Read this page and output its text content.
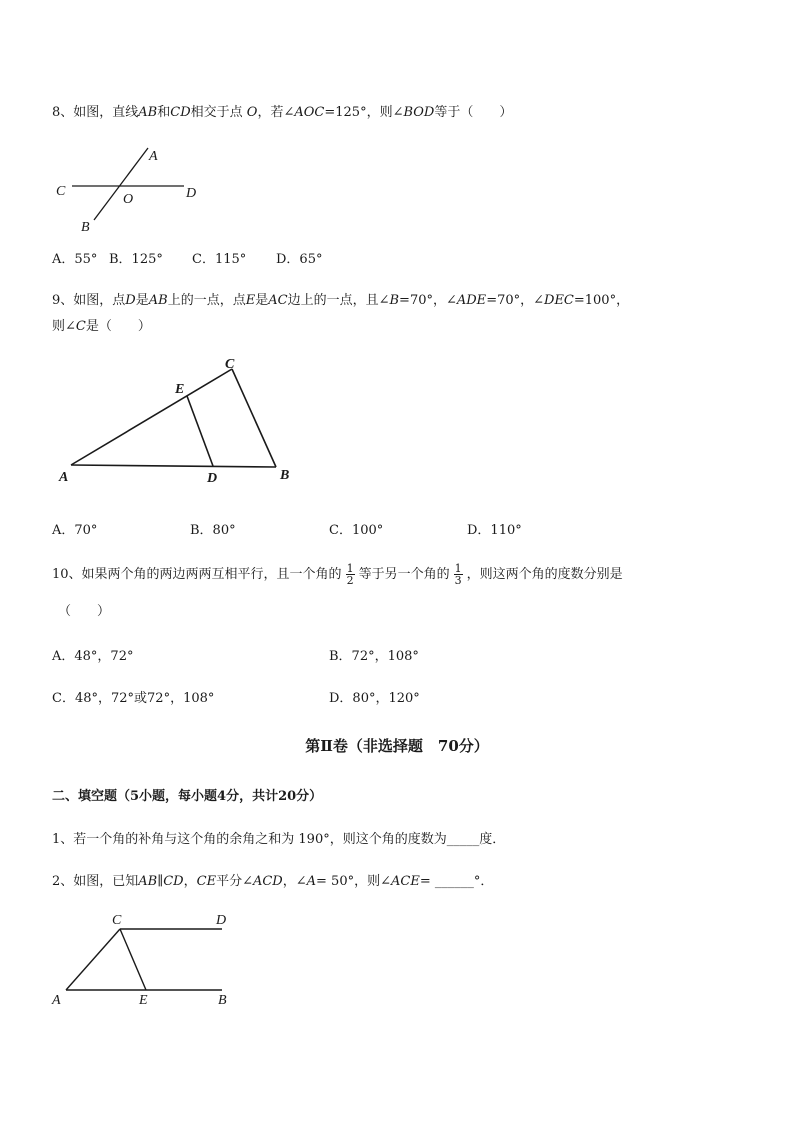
8、如图，直线AB和CD相交于点 O，若∠AOC=125°，则∠BOD等于（　　）
A
C
O	D
B
A．55° B．125° C．115° D．65°
9、如图，点D是AB上的一点，点E是AC边上的一点，且∠B=70°，∠ADE=70°，∠DEC=100°，
则∠C是（　　）
C
E
A	D	B
A．70°	B．80°	C．100°	D．110°
10、如果两个角的两边两两互相平行，且一个角的 $\frac{1}{2}$ 等于另一个角的 $\frac{1}{3}$ ，则这两个角的度数分别是
（　　）
A．48°，72°	B．72°，108°
C．48°，72°或72°，108°	D．80°，120°
第Ⅱ卷（非选择题　70分）
二、填空题（5小题，每小题4分，共计20分）
1、若一个角的补角与这个角的余角之和为 190°，则这个角的度数为_____度．
2、如图，已知AB∥CD，CE平分∠ACD，∠A= 50°，则∠ACE= ______°．
C	D
A	E	B
